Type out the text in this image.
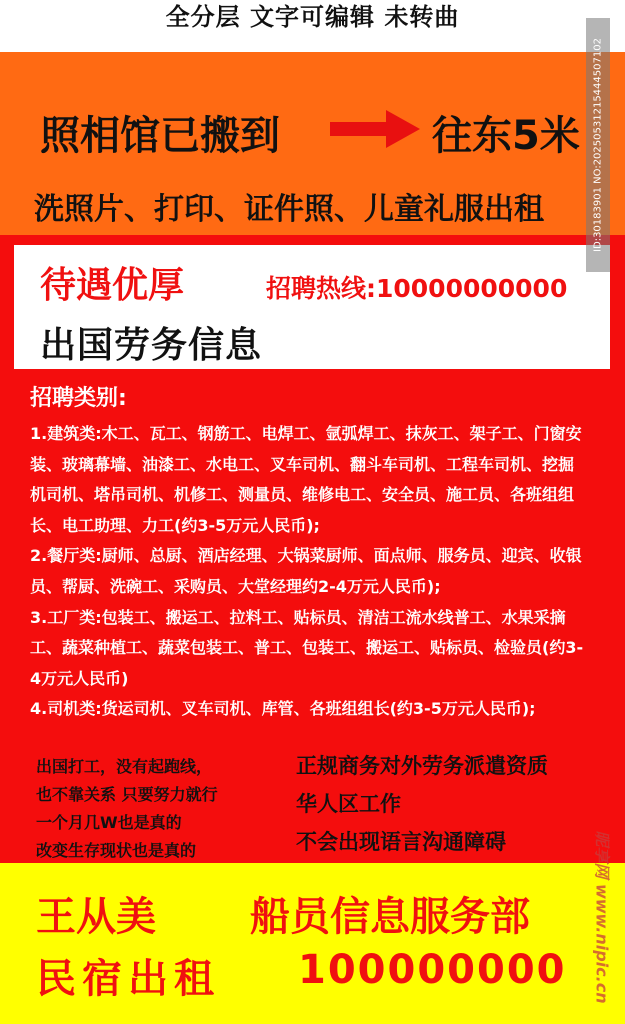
全分层 文字可编辑 未转曲
照相馆已搬到	往东5米
洗照片、打印、证件照、儿童礼服出租
待遇优厚	招聘热线:10000000000
出国劳务信息
招聘类别:

1.建筑类:木工、瓦工、钢筋工、电焊工、氩弧焊工、抹灰工、架子工、门窗安装、玻璃幕墙、油漆工、水电工、叉车司机、翻斗车司机、工程车司机、挖掘机司机、塔吊司机、机修工、测量员、维修电工、安全员、施工员、各班组组长、电工助理、力工(约3-5万元人民币);

2.餐厅类:厨师、总厨、酒店经理、大锅菜厨师、面点师、服务员、迎宾、收银员、帮厨、洗碗工、采购员、大堂经理约2-4万元人民币);

3.工厂类:包装工、搬运工、拉料工、贴标员、清洁工流水线普工、水果采摘工、蔬菜种植工、蔬菜包装工、普工、包装工、搬运工、贴标员、检验员(约3-4万元人民币)

4.司机类:货运司机、叉车司机、库管、各班组组长(约3-5万元人民币);

出国打工，没有起跑线，
也不靠关系 只要努力就行
一个月几W也是真的
改变生存现状也是真的
正规商务对外劳务派遣资质
华人区工作
不会出现语言沟通障碍
王从美 船员信息服务部
民宿出租 100000000
ID:30183901 NO:20250531215444507102
昵享网 www.nipic.cn
